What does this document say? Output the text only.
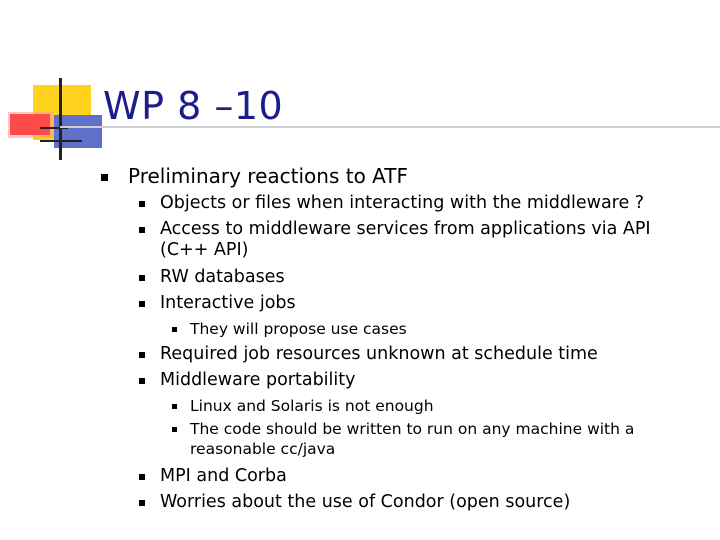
WP 8 –10
Preliminary reactions to ATF
Objects or files when interacting with the middleware ?
Access to middleware services from applications via API
(C++ API)
RW databases
Interactive jobs
They will propose use cases
Required job resources unknown at schedule time
Middleware portability
Linux and Solaris is not enough
The code should be written to run on any machine with a
reasonable cc/java
MPI and Corba
Worries about the use of Condor (open source)
